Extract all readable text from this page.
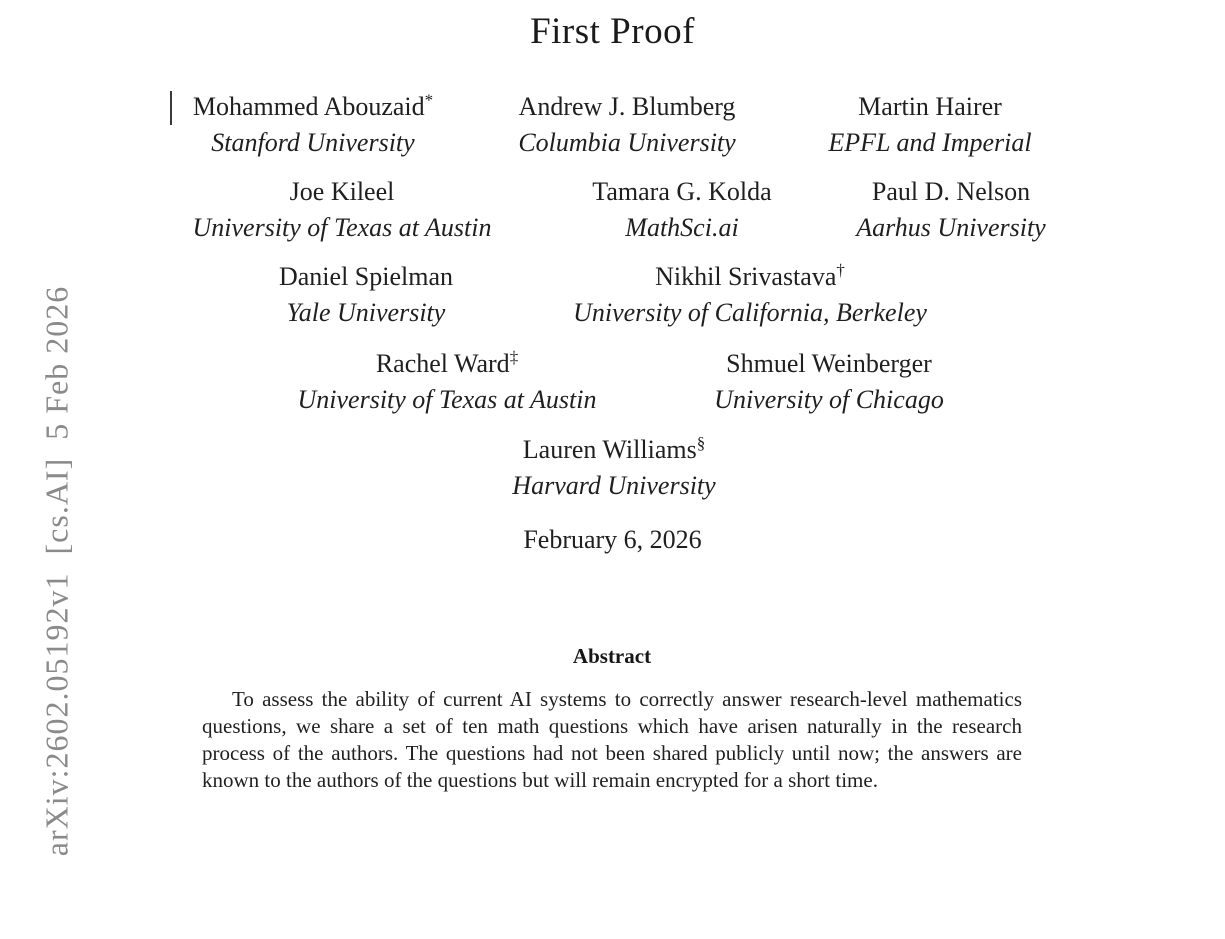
arXiv:2602.05192v1  [cs.AI]  5 Feb 2026
First Proof
Mohammed Abouzaid*
Stanford University
Andrew J. Blumberg
Columbia University
Martin Hairer
EPFL and Imperial
Joe Kileel
University of Texas at Austin
Tamara G. Kolda
MathSci.ai
Paul D. Nelson
Aarhus University
Daniel Spielman
Yale University
Nikhil Srivastava†
University of California, Berkeley
Rachel Ward‡
University of Texas at Austin
Shmuel Weinberger
University of Chicago
Lauren Williams§
Harvard University
February 6, 2026
Abstract
To assess the ability of current AI systems to correctly answer research-level mathematics questions, we share a set of ten math questions which have arisen naturally in the research process of the authors. The questions had not been shared publicly until now; the answers are known to the authors of the questions but will remain encrypted for a short time.
